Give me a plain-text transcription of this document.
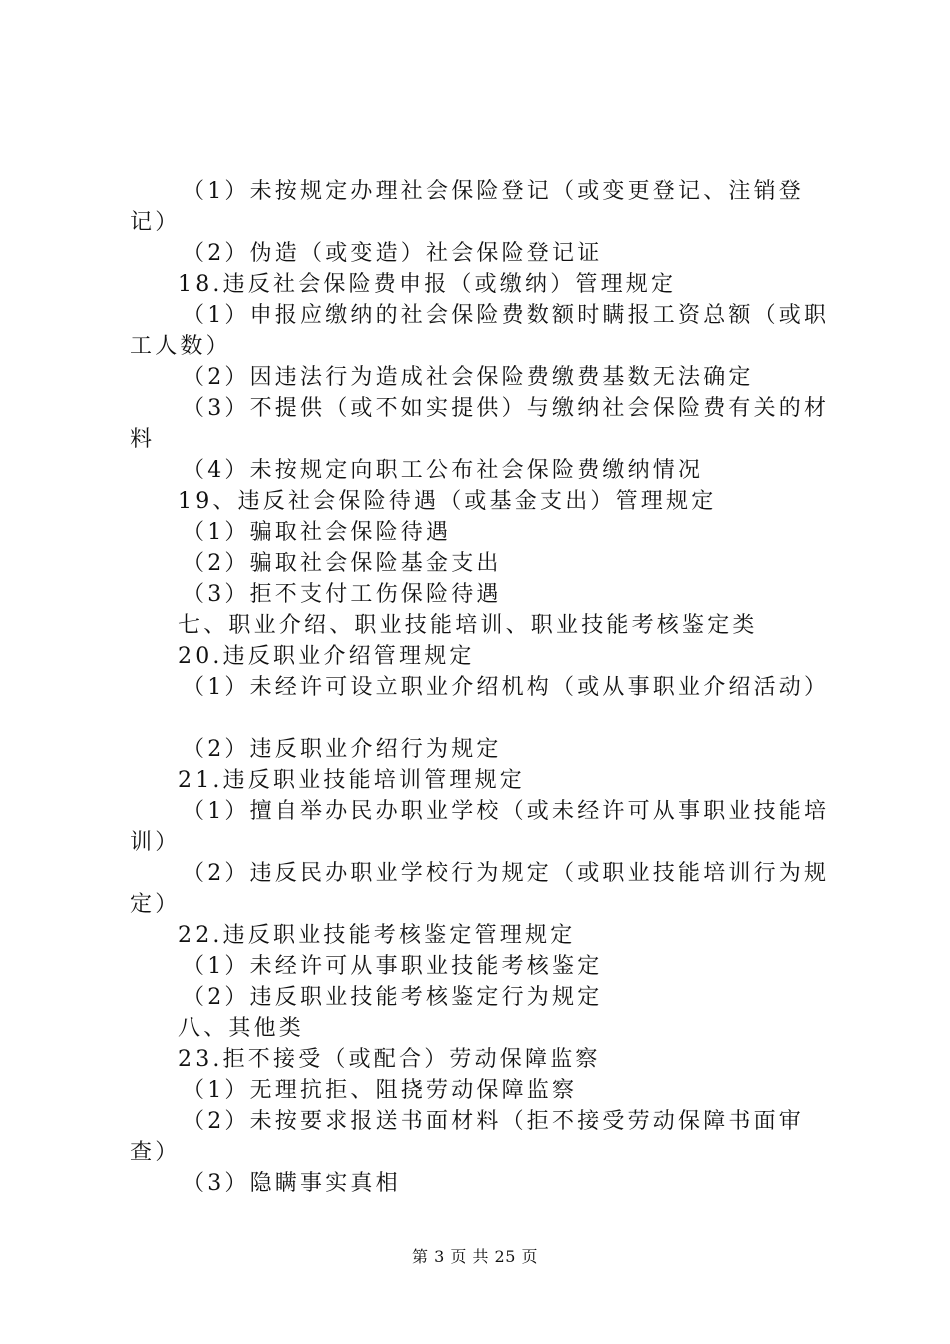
（1）未按规定办理社会保险登记（或变更登记、注销登
记）
（2）伪造（或变造）社会保险登记证
18.违反社会保险费申报（或缴纳）管理规定
（1）申报应缴纳的社会保险费数额时瞒报工资总额（或职
工人数）
（2）因违法行为造成社会保险费缴费基数无法确定
（3）不提供（或不如实提供）与缴纳社会保险费有关的材
料
（4）未按规定向职工公布社会保险费缴纳情况
19、违反社会保险待遇（或基金支出）管理规定
（1）骗取社会保险待遇
（2）骗取社会保险基金支出
（3）拒不支付工伤保险待遇
七、职业介绍、职业技能培训、职业技能考核鉴定类
20.违反职业介绍管理规定
（1）未经许可设立职业介绍机构（或从事职业介绍活动）
（2）违反职业介绍行为规定
21.违反职业技能培训管理规定
（1）擅自举办民办职业学校（或未经许可从事职业技能培
训）
（2）违反民办职业学校行为规定（或职业技能培训行为规
定）
22.违反职业技能考核鉴定管理规定
（1）未经许可从事职业技能考核鉴定
（2）违反职业技能考核鉴定行为规定
八、其他类
23.拒不接受（或配合）劳动保障监察
（1）无理抗拒、阻挠劳动保障监察
（2）未按要求报送书面材料（拒不接受劳动保障书面审
查）
（3）隐瞒事实真相
第 3 页 共 25 页
